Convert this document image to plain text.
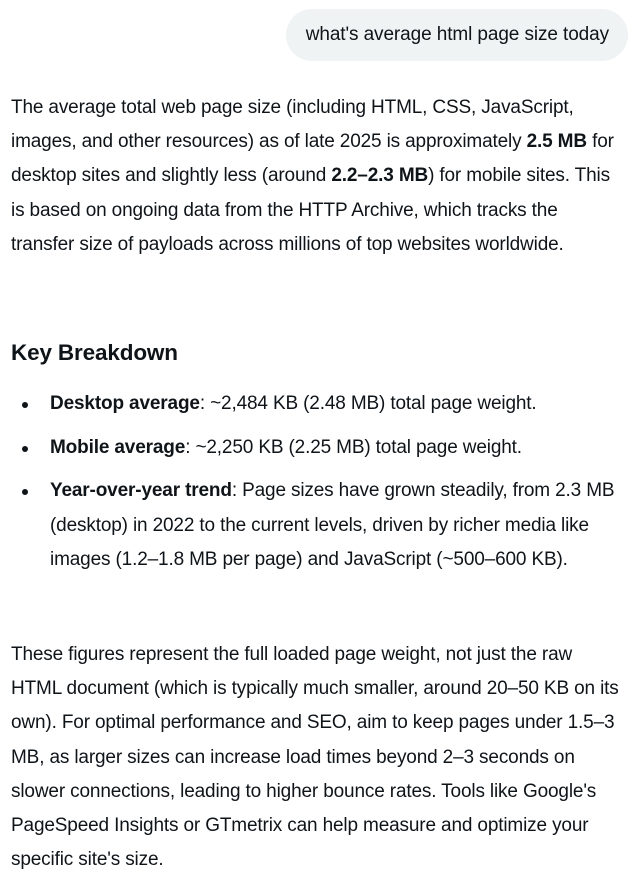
what's average html page size today

The average total web page size (including HTML, CSS, JavaScript, images, and other resources) as of late 2025 is approximately 2.5 MB for desktop sites and slightly less (around 2.2–2.3 MB) for mobile sites. This is based on ongoing data from the HTTP Archive, which tracks the transfer size of payloads across millions of top websites worldwide.

Key Breakdown
Desktop average: ~2,484 KB (2.48 MB) total page weight.
Mobile average: ~2,250 KB (2.25 MB) total page weight.
Year-over-year trend: Page sizes have grown steadily, from 2.3 MB (desktop) in 2022 to the current levels, driven by richer media like images (1.2–1.8 MB per page) and JavaScript (~500–600 KB).

These figures represent the full loaded page weight, not just the raw HTML document (which is typically much smaller, around 20–50 KB on its own). For optimal performance and SEO, aim to keep pages under 1.5–3 MB, as larger sizes can increase load times beyond 2–3 seconds on slower connections, leading to higher bounce rates. Tools like Google's PageSpeed Insights or GTmetrix can help measure and optimize your specific site's size.
